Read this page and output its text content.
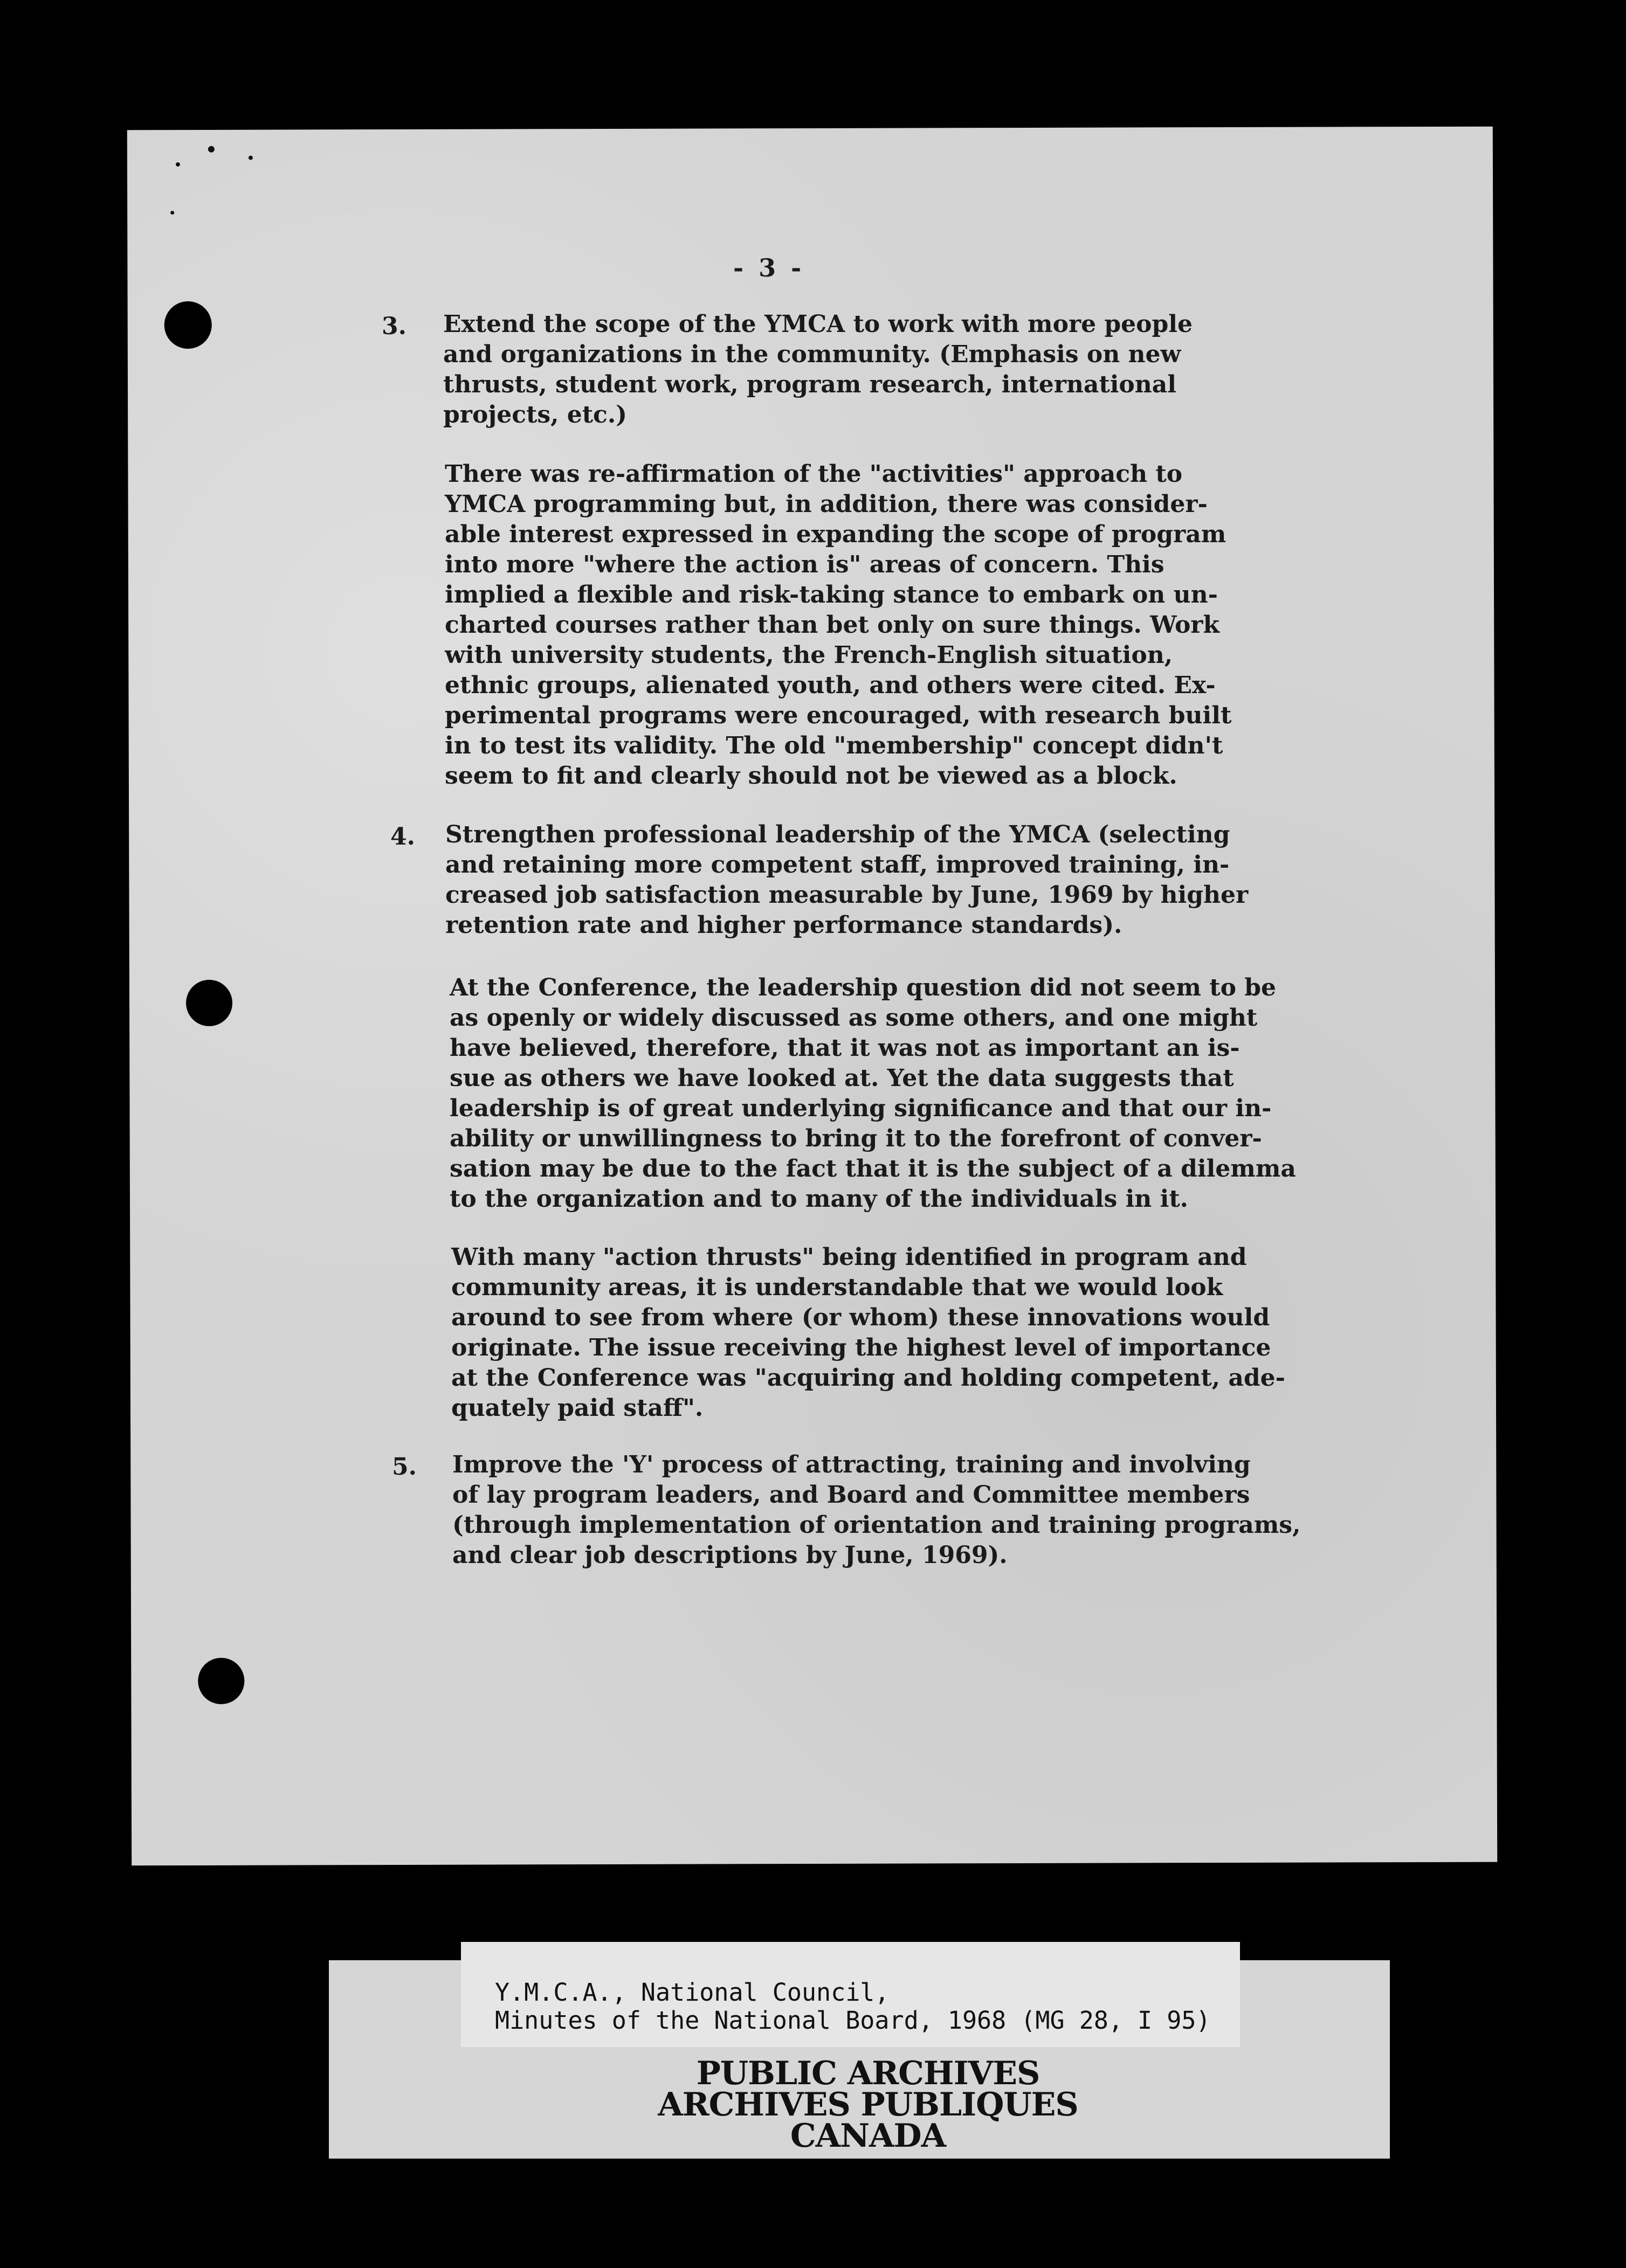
- 3 -
3. Extend the scope of the YMCA to work with more people
and organizations in the community. (Emphasis on new
thrusts, student work, program research, international
projects, etc.)
There was re-affirmation of the "activities" approach to
YMCA programming but, in addition, there was consider-
able interest expressed in expanding the scope of program
into more "where the action is" areas of concern. This
implied a flexible and risk-taking stance to embark on un-
charted courses rather than bet only on sure things. Work
with university students, the French-English situation,
ethnic groups, alienated youth, and others were cited. Ex-
perimental programs were encouraged, with research built
in to test its validity. The old "membership" concept didn't
seem to fit and clearly should not be viewed as a block.
4. Strengthen professional leadership of the YMCA (selecting
and retaining more competent staff, improved training, in-
creased job satisfaction measurable by June, 1969 by higher
retention rate and higher performance standards).
At the Conference, the leadership question did not seem to be
as openly or widely discussed as some others, and one might
have believed, therefore, that it was not as important an is-
sue as others we have looked at. Yet the data suggests that
leadership is of great underlying significance and that our in-
ability or unwillingness to bring it to the forefront of conver-
sation may be due to the fact that it is the subject of a dilemma
to the organization and to many of the individuals in it.
With many "action thrusts" being identified in program and
community areas, it is understandable that we would look
around to see from where (or whom) these innovations would
originate. The issue receiving the highest level of importance
at the Conference was "acquiring and holding competent, ade-
quately paid staff".
5. Improve the 'Y' process of attracting, training and involving
of lay program leaders, and Board and Committee members
(through implementation of orientation and training programs,
and clear job descriptions by June, 1969).
Y.M.C.A., National Council,
Minutes of the National Board, 1968 (MG 28, I 95)
PUBLIC ARCHIVES
ARCHIVES PUBLIQUES
CANADA
